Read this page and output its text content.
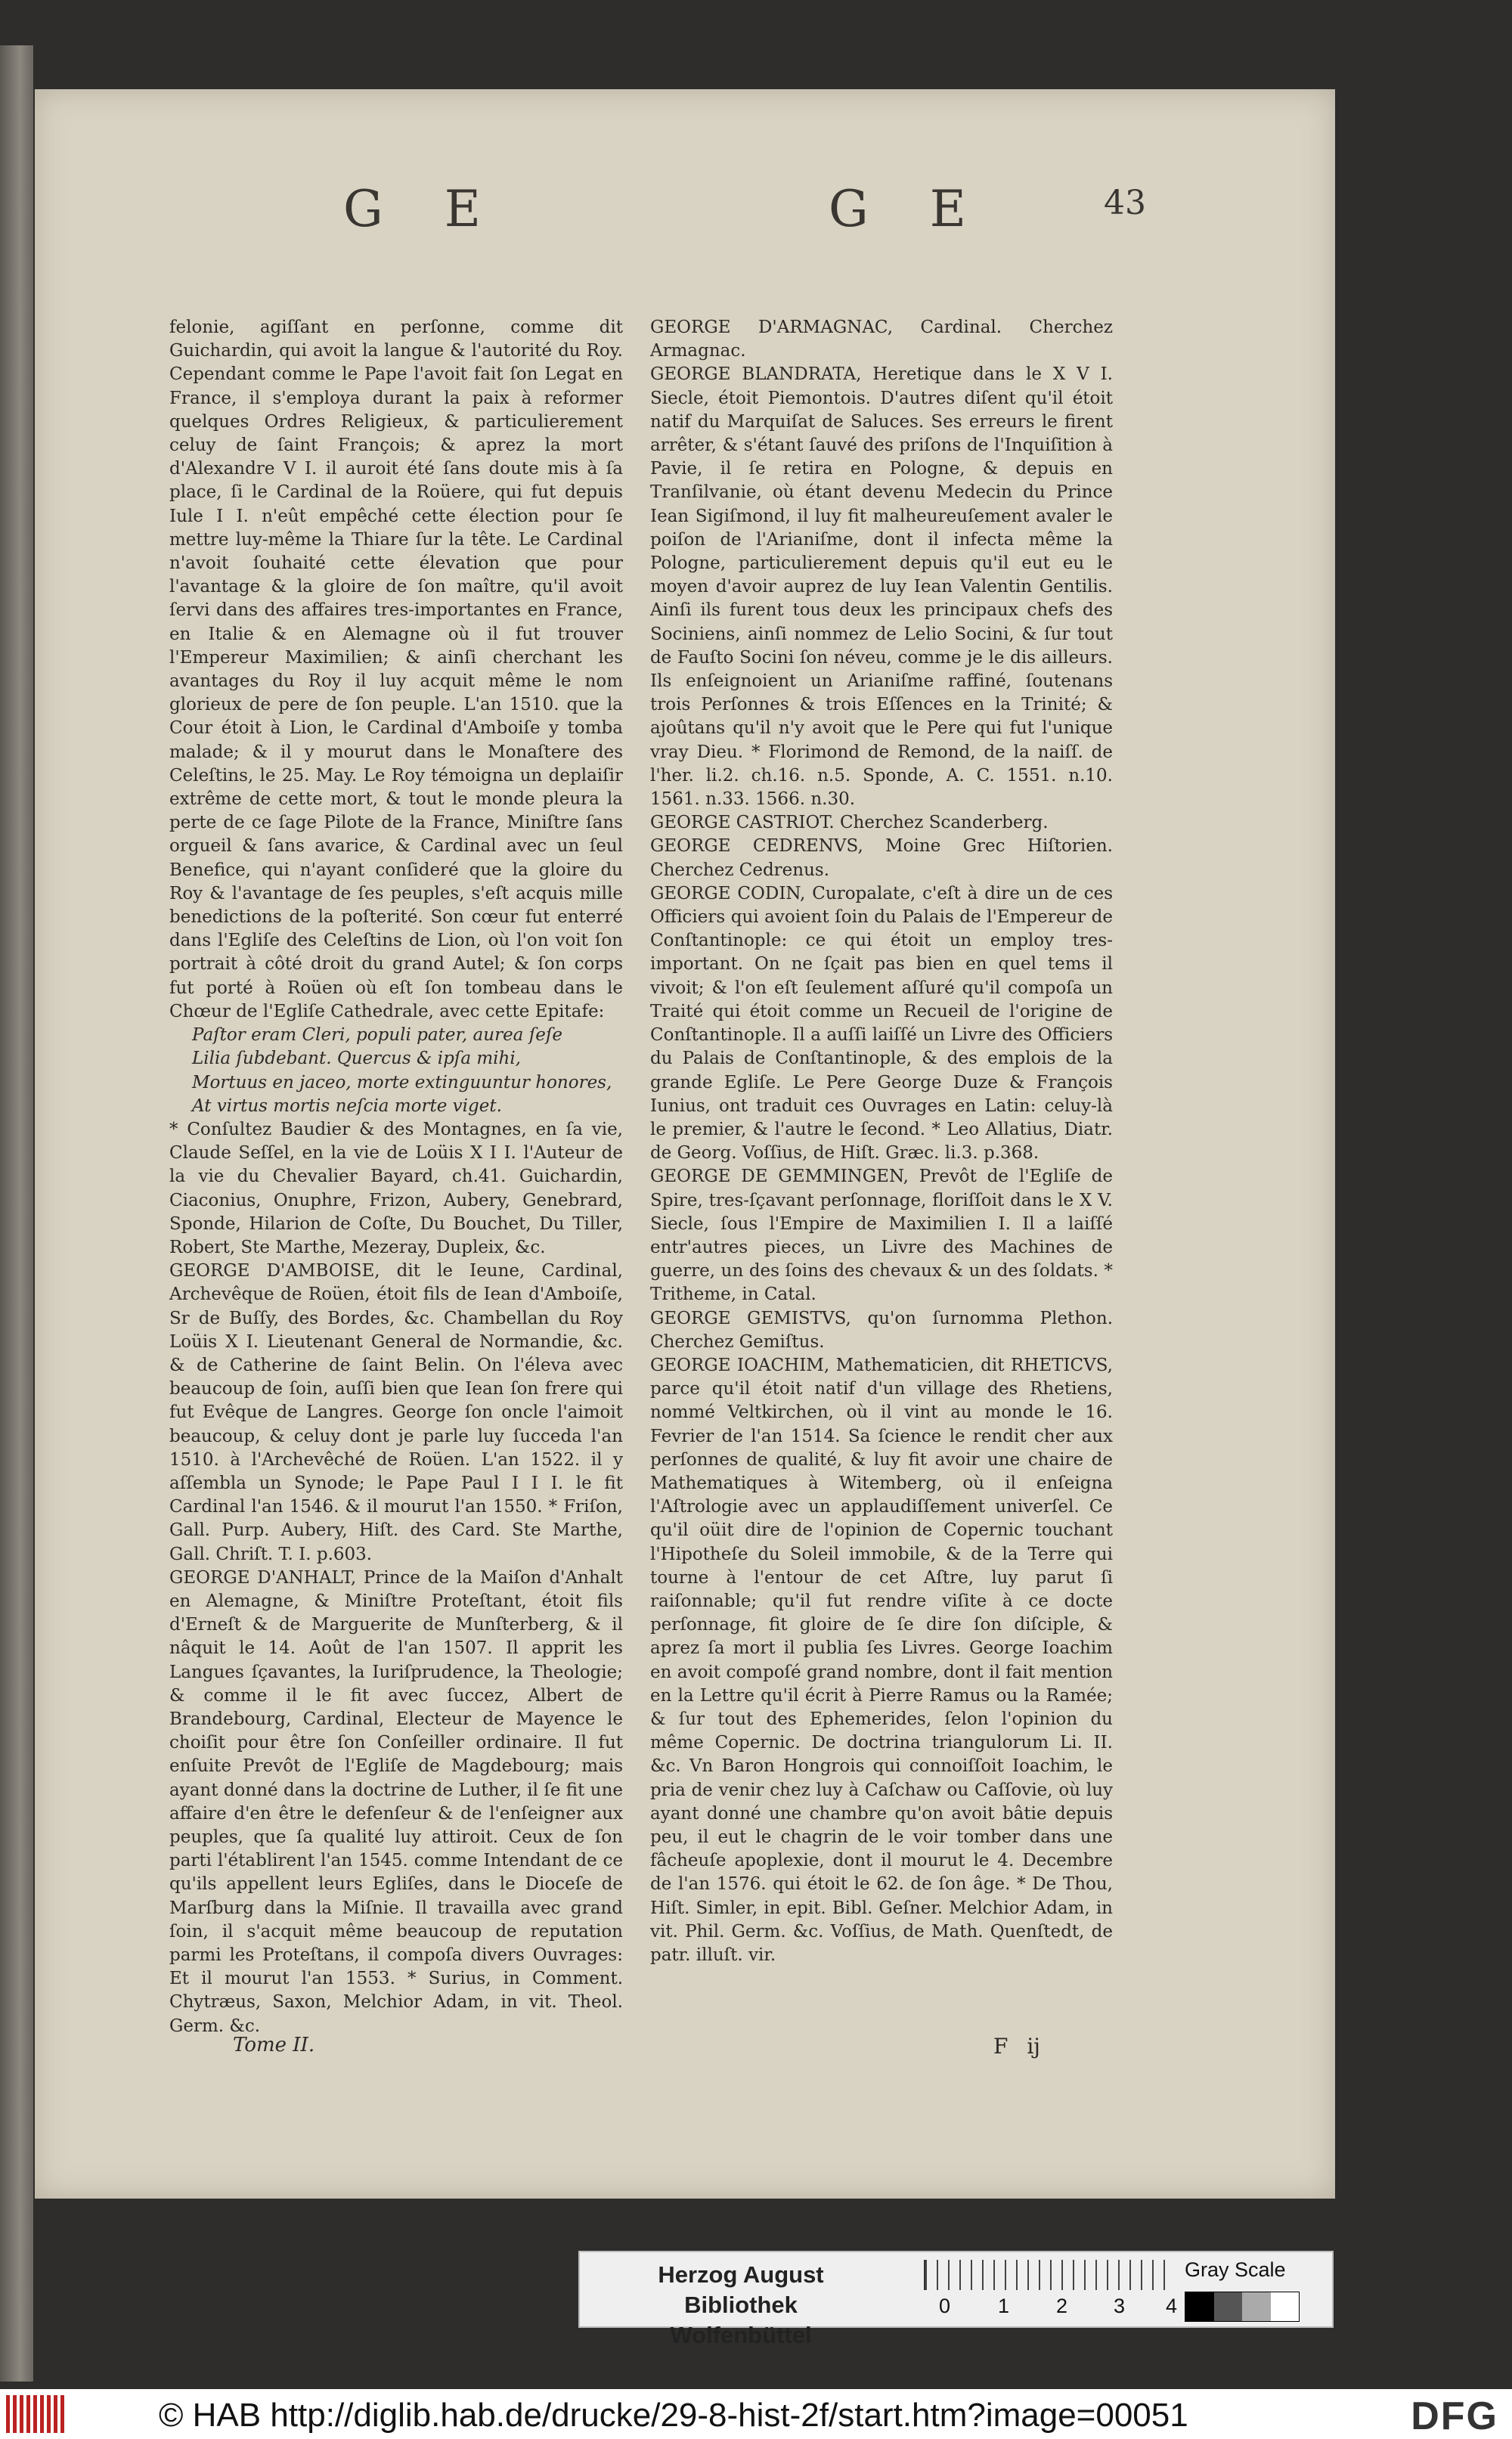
G E	G E	43

felonie, agiſſant en perſonne, comme dit Guichardin, qui avoit la langue & l'autorité du Roy. Cependant comme le Pape l'avoit fait ſon Legat en France, il s'employa durant la paix à reformer quelques Ordres Religieux, & particulierement celuy de ſaint François; & aprez la mort d'Alexandre V I. il auroit été ſans doute mis à ſa place, ſi le Cardinal de la Roüere, qui fut depuis Iule I I. n'eût empêché cette élection pour ſe mettre luy-même la Thiare ſur la tête. Le Cardinal n'avoit ſouhaité cette élevation que pour l'avantage & la gloire de ſon maître, qu'il avoit ſervi dans des affaires tres-importantes en France, en Italie & en Alemagne où il fut trouver l'Empereur Maximilien; & ainſi cherchant les avantages du Roy il luy acquit même le nom glorieux de pere de ſon peuple. L'an 1510. que la Cour étoit à Lion, le Cardinal d'Amboiſe y tomba malade; & il y mourut dans le Monaſtere des Celeſtins, le 25. May. Le Roy témoigna un deplaiſir extrême de cette mort, & tout le monde pleura la perte de ce ſage Pilote de la France, Miniſtre ſans orgueil & ſans avarice, & Cardinal avec un ſeul Benefice, qui n'ayant conſideré que la gloire du Roy & l'avantage de ſes peuples, s'eſt acquis mille benedictions de la poſterité. Son cœur fut enterré dans l'Egliſe des Celeſtins de Lion, où l'on voit ſon portrait à côté droit du grand Autel; & ſon corps fut porté à Roüen où eſt ſon tombeau dans le Chœur de l'Egliſe Cathedrale, avec cette Epitafe:

Paſtor eram Cleri, populi pater, aurea ſeſe

Lilia ſubdebant. Quercus & ipſa mihi,

Mortuus en jaceo, morte extinguuntur honores,

At virtus mortis neſcia morte viget.

* Conſultez Baudier & des Montagnes, en ſa vie, Claude Seſſel, en la vie de Loüis X I I. l'Auteur de la vie du Chevalier Bayard, ch.41. Guichardin, Ciaconius, Onuphre, Frizon, Aubery, Genebrard, Sponde, Hilarion de Coſte, Du Bouchet, Du Tiller, Robert, Ste Marthe, Mezeray, Dupleix, &c.

GEORGE D'AMBOISE, dit le Ieune, Cardinal, Archevêque de Roüen, étoit fils de Iean d'Amboiſe, Sr de Buſſy, des Bordes, &c. Chambellan du Roy Loüis X I. Lieutenant General de Normandie, &c. & de Catherine de ſaint Belin. On l'éleva avec beaucoup de ſoin, auſſi bien que Iean ſon frere qui fut Evêque de Langres. George ſon oncle l'aimoit beaucoup, & celuy dont je parle luy ſucceda l'an 1510. à l'Archevêché de Roüen. L'an 1522. il y aſſembla un Synode; le Pape Paul I I I. le fit Cardinal l'an 1546. & il mourut l'an 1550. * Friſon, Gall. Purp. Aubery, Hiſt. des Card. Ste Marthe, Gall. Chriſt. T. I. p.603.

GEORGE D'ANHALT, Prince de la Maiſon d'Anhalt en Alemagne, & Miniſtre Proteſtant, étoit fils d'Erneſt & de Marguerite de Munſterberg, & il nâquit le 14. Août de l'an 1507. Il apprit les Langues ſçavantes, la Iuriſprudence, la Theologie; & comme il le fit avec ſuccez, Albert de Brandebourg, Cardinal, Electeur de Mayence le choiſit pour être ſon Conſeiller ordinaire. Il fut enſuite Prevôt de l'Egliſe de Magdebourg; mais ayant donné dans la doctrine de Luther, il ſe fit une affaire d'en être le defenſeur & de l'enſeigner aux peuples, que ſa qualité luy attiroit. Ceux de ſon parti l'établirent l'an 1545. comme Intendant de ce qu'ils appellent leurs Egliſes, dans le Dioceſe de Marſburg dans la Miſnie. Il travailla avec grand ſoin, il s'acquit même beaucoup de reputation parmi les Proteſtans, il compoſa divers Ouvrages: Et il mourut l'an 1553. * Surius, in Comment. Chytræus, Saxon, Melchior Adam, in vit. Theol. Germ. &c.

GEORGE D'ARMAGNAC, Cardinal. Cherchez Armagnac.

GEORGE BLANDRATA, Heretique dans le X V I. Siecle, étoit Piemontois. D'autres diſent qu'il étoit natif du Marquiſat de Saluces. Ses erreurs le firent arrêter, & s'étant ſauvé des priſons de l'Inquiſition à Pavie, il ſe retira en Pologne, & depuis en Tranſilvanie, où étant devenu Medecin du Prince Iean Sigiſmond, il luy fit malheureuſement avaler le poiſon de l'Arianiſme, dont il infecta même la Pologne, particulierement depuis qu'il eut eu le moyen d'avoir auprez de luy Iean Valentin Gentilis. Ainſi ils furent tous deux les principaux chefs des Sociniens, ainſi nommez de Lelio Socini, & ſur tout de Fauſto Socini ſon néveu, comme je le dis ailleurs. Ils enſeignoient un Arianiſme raffiné, ſoutenans trois Perſonnes & trois Eſſences en la Trinité; & ajoûtans qu'il n'y avoit que le Pere qui fut l'unique vray Dieu. * Florimond de Remond, de la naiſſ. de l'her. li.2. ch.16. n.5. Sponde, A. C. 1551. n.10. 1561. n.33. 1566. n.30.

GEORGE CASTRIOT. Cherchez Scanderberg.

GEORGE CEDRENVS, Moine Grec Hiſtorien. Cherchez Cedrenus.

GEORGE CODIN, Curopalate, c'eſt à dire un de ces Officiers qui avoient ſoin du Palais de l'Empereur de Conſtantinople: ce qui étoit un employ tres-important. On ne ſçait pas bien en quel tems il vivoit; & l'on eſt ſeulement aſſuré qu'il compoſa un Traité qui étoit comme un Recueil de l'origine de Conſtantinople. Il a auſſi laiſſé un Livre des Officiers du Palais de Conſtantinople, & des emplois de la grande Egliſe. Le Pere George Duze & François Iunius, ont traduit ces Ouvrages en Latin: celuy-là le premier, & l'autre le ſecond. * Leo Allatius, Diatr. de Georg. Voſſius, de Hiſt. Græc. li.3. p.368.

GEORGE DE GEMMINGEN, Prevôt de l'Egliſe de Spire, tres-ſçavant perſonnage, floriſſoit dans le X V. Siecle, ſous l'Empire de Maximilien I. Il a laiſſé entr'autres pieces, un Livre des Machines de guerre, un des ſoins des chevaux & un des ſoldats. * Tritheme, in Catal.

GEORGE GEMISTVS, qu'on ſurnomma Plethon. Cherchez Gemiſtus.

GEORGE IOACHIM, Mathematicien, dit RHETICVS, parce qu'il étoit natif d'un village des Rhetiens, nommé Veltkirchen, où il vint au monde le 16. Fevrier de l'an 1514. Sa ſcience le rendit cher aux perſonnes de qualité, & luy fit avoir une chaire de Mathematiques à Witemberg, où il enſeigna l'Aſtrologie avec un applaudiſſement univerſel. Ce qu'il oüit dire de l'opinion de Copernic touchant l'Hipotheſe du Soleil immobile, & de la Terre qui tourne à l'entour de cet Aſtre, luy parut ſi raiſonnable; qu'il fut rendre viſite à ce docte perſonnage, fit gloire de ſe dire ſon diſciple, & aprez ſa mort il publia ſes Livres. George Ioachim en avoit compoſé grand nombre, dont il fait mention en la Lettre qu'il écrit à Pierre Ramus ou la Ramée; & ſur tout des Ephemerides, ſelon l'opinion du même Copernic. De doctrina triangulorum Li. II. &c. Vn Baron Hongrois qui connoiſſoit Ioachim, le pria de venir chez luy à Caſchaw ou Caſſovie, où luy ayant donné une chambre qu'on avoit bâtie depuis peu, il eut le chagrin de le voir tomber dans une fâcheuſe apoplexie, dont il mourut le 4. Decembre de l'an 1576. qui étoit le 62. de ſon âge. * De Thou, Hiſt. Simler, in epit. Bibl. Geſner. Melchior Adam, in vit. Phil. Germ. &c. Voſſius, de Math. Quenſtedt, de patr. illuſt. vir.

Tome II.	F ij
Herzog August Bibliothek
Wolfenbüttel
0 1 2 3 4
Gray Scale
© HAB http://diglib.hab.de/drucke/29-8-hist-2f/start.htm?image=00051	DFG
